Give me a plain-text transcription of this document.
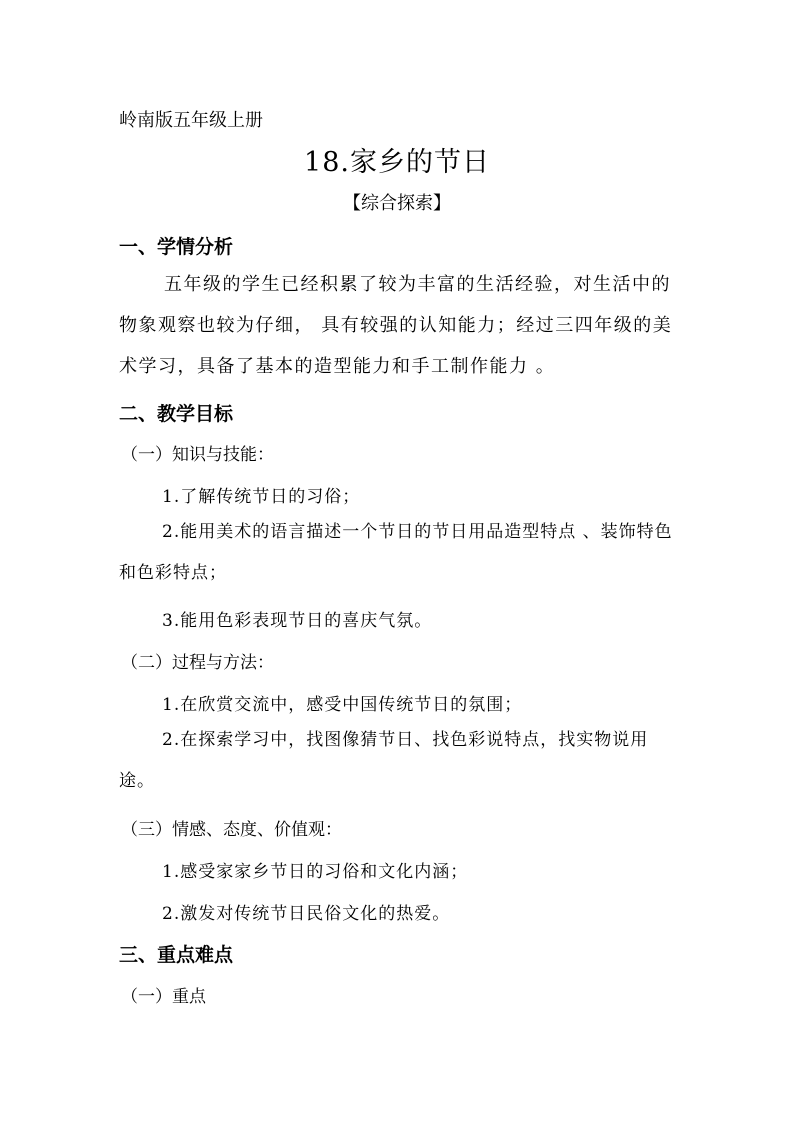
岭南版五年级上册
18.家乡的节日
【综合探索】
一、学情分析
五年级的学生已经积累了较为丰富的生活经验，对生活中的物象观察也较为仔细， 具有较强的认知能力；经过三四年级的美术学习，具备了基本的造型能力和手工制作能力 。
二、教学目标
（一）知识与技能：
1.了解传统节日的习俗；
2.能用美术的语言描述一个节日的节日用品造型特点 、装饰特色和色彩特点；
3.能用色彩表现节日的喜庆气氛。
（二）过程与方法：
1.在欣赏交流中，感受中国传统节日的氛围；
2.在探索学习中，找图像猜节日、找色彩说特点，找实物说用途。
（三）情感、态度、价值观：
1.感受家家乡节日的习俗和文化内涵；
2.激发对传统节日民俗文化的热爱。
三、重点难点
（一）重点
